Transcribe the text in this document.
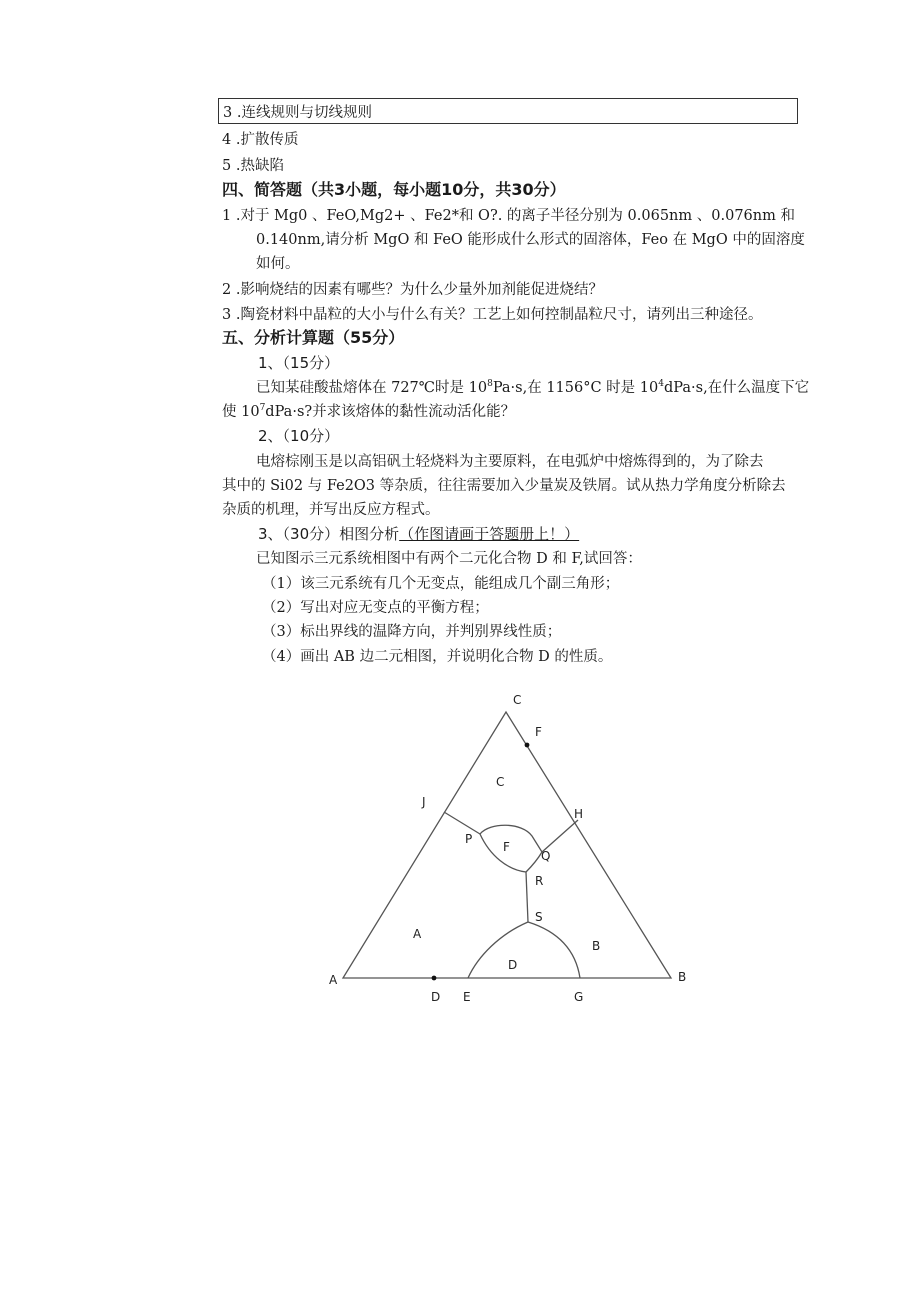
3 .连线规则与切线规则
4 .扩散传质
5 .热缺陷
四、简答题（共3小题，每小题10分，共30分）
1 .对于 Mg0 、FeO,Mg2+ 、Fe2*和 O?. 的离子半径分别为 0.065nm 、0.076nm 和
0.140nm,请分析 MgO 和 FeO 能形成什么形式的固溶体，Feo 在 MgO 中的固溶度
如何。
2 .影响烧结的因素有哪些？为什么少量外加剂能促进烧结？
3 .陶瓷材料中晶粒的大小与什么有关？工艺上如何控制晶粒尺寸，请列出三种途径。
五、分析计算题（55分）
1、（15分）
已知某硅酸盐熔体在 727℃时是 $10^8Pa\cdot s$,在 1156°C 时是 $10^4dPa\cdot s$,在什么温度下它
使 $10^7dPa\cdot s$?并求该熔体的黏性流动活化能？
2、（10分）
电熔棕刚玉是以高铝矾土轻烧料为主要原料，在电弧炉中熔炼得到的，为了除去
其中的 Si02 与 Fe2O3 等杂质，往往需要加入少量炭及铁屑。试从热力学角度分析除去
杂质的机理，并写出反应方程式。
3、（30分）相图分析（作图请画于答题册上！）
已知图示三元系统相图中有两个二元化合物 D 和 F,试回答：
（1）该三元系统有几个无变点，能组成几个副三角形；
（2）写出对应无变点的平衡方程；
（3）标出界线的温降方向，并判别界线性质；
（4）画出 AB 边二元相图，并说明化合物 D 的性质。
C
F
C
J
H
P
F
Q
R
S
A
B
D
A	B
D E	G
